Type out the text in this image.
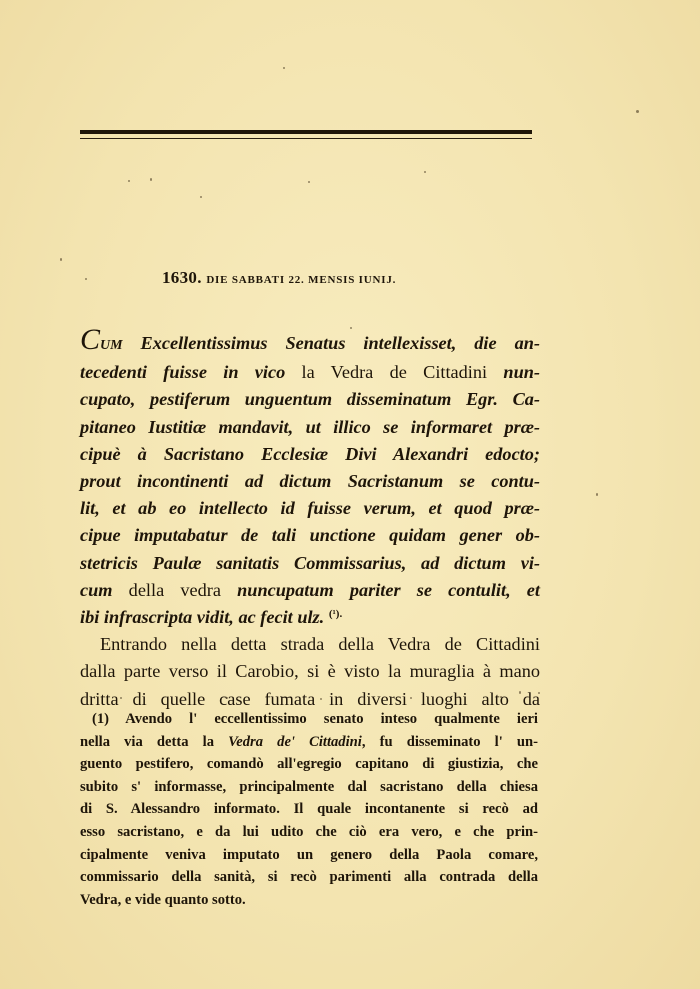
1630. DIE SABBATI 22. MENSIS IUNIJ.
CUM Excellentissimus Senatus intellexisset, die an-
tecedenti fuisse in vico la Vedra de Cittadini nun-
cupato, pestiferum unguentum disseminatum Egr. Ca-
pitaneo Iustitiæ mandavit, ut illico se informaret præ-
cipuè à Sacristano Ecclesiæ Divi Alexandri edocto;
prout incontinenti ad dictum Sacristanum se contu-
lit, et ab eo intellecto id fuisse verum, et quod præ-
cipue imputabatur de tali unctione quidam gener ob-
stetricis Paulæ sanitatis Commissarius, ad dictum vi-
cum della vedra nuncupatum pariter se contulit, et
ibi infrascripta vidit, ac fecit ulz. $^{(^1).}$
Entrando nella detta strada della Vedra de Cittadini
dalla parte verso il Carobio, si è visto la muraglia à mano
dritta di quelle case fumata in diversi luoghi alto da
(1) Avendo l' eccellentissimo senato inteso qualmente ieri
nella via detta la Vedra de' Cittadini, fu disseminato l' un-
guento pestifero, comandò all'egregio capitano di giustizia, che
subito s' informasse, principalmente dal sacristano della chiesa
di S. Alessandro informato. Il quale incontanente si recò ad
esso sacristano, e da lui udito che ciò era vero, e che prin-
cipalmente veniva imputato un genero della Paola comare,
commissario della sanità, si recò parimenti alla contrada della
Vedra, e vide quanto sotto.
